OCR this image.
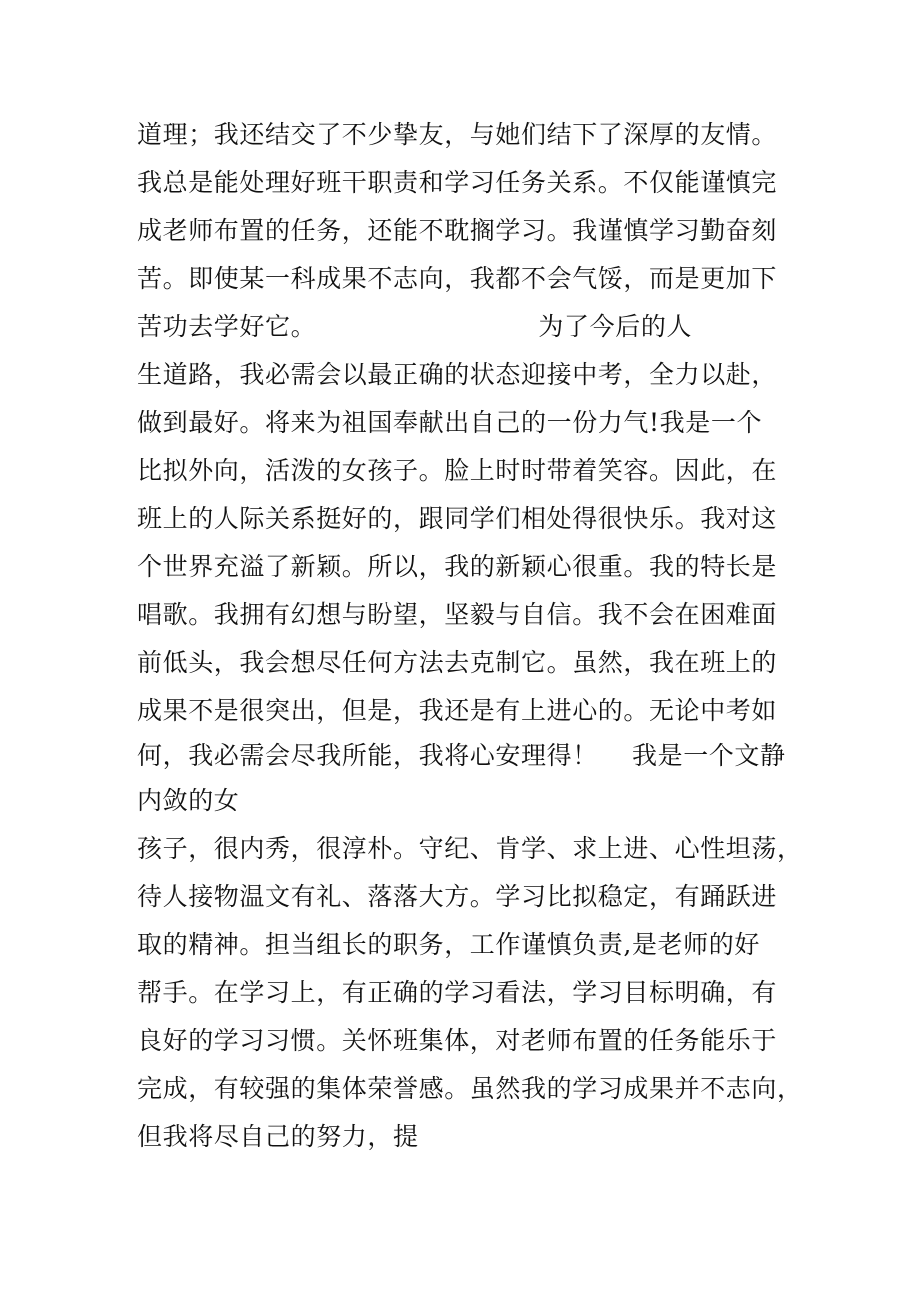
道理；我还结交了不少挚友，与她们结下了深厚的友情。
我总是能处理好班干职责和学习任务关系。不仅能谨慎完
成老师布置的任务，还能不耽搁学习。我谨慎学习勤奋刻
苦。即使某一科成果不志向，我都不会气馁，而是更加下
苦功去学好它。                          为了今后的人
生道路，我必需会以最正确的状态迎接中考，全力以赴，
做到最好。将来为祖国奉献出自己的一份力气!我是一个
比拟外向，活泼的女孩子。脸上时时带着笑容。因此，在
班上的人际关系挺好的，跟同学们相处得很快乐。我对这
个世界充溢了新颖。所以，我的新颖心很重。我的特长是
唱歌。我拥有幻想与盼望，坚毅与自信。我不会在困难面
前低头，我会想尽任何方法去克制它。虽然，我在班上的
成果不是很突出，但是，我还是有上进心的。无论中考如
何，我必需会尽我所能，我将心安理得！    我是一个文静
内敛的女
孩子，很内秀，很淳朴。守纪、肯学、求上进、心性坦荡，
待人接物温文有礼、落落大方。学习比拟稳定，有踊跃进
取的精神。担当组长的职务，工作谨慎负责,是老师的好
帮手。在学习上，有正确的学习看法，学习目标明确，有
良好的学习习惯。关怀班集体，对老师布置的任务能乐于
完成，有较强的集体荣誉感。虽然我的学习成果并不志向，
但我将尽自己的努力，提
